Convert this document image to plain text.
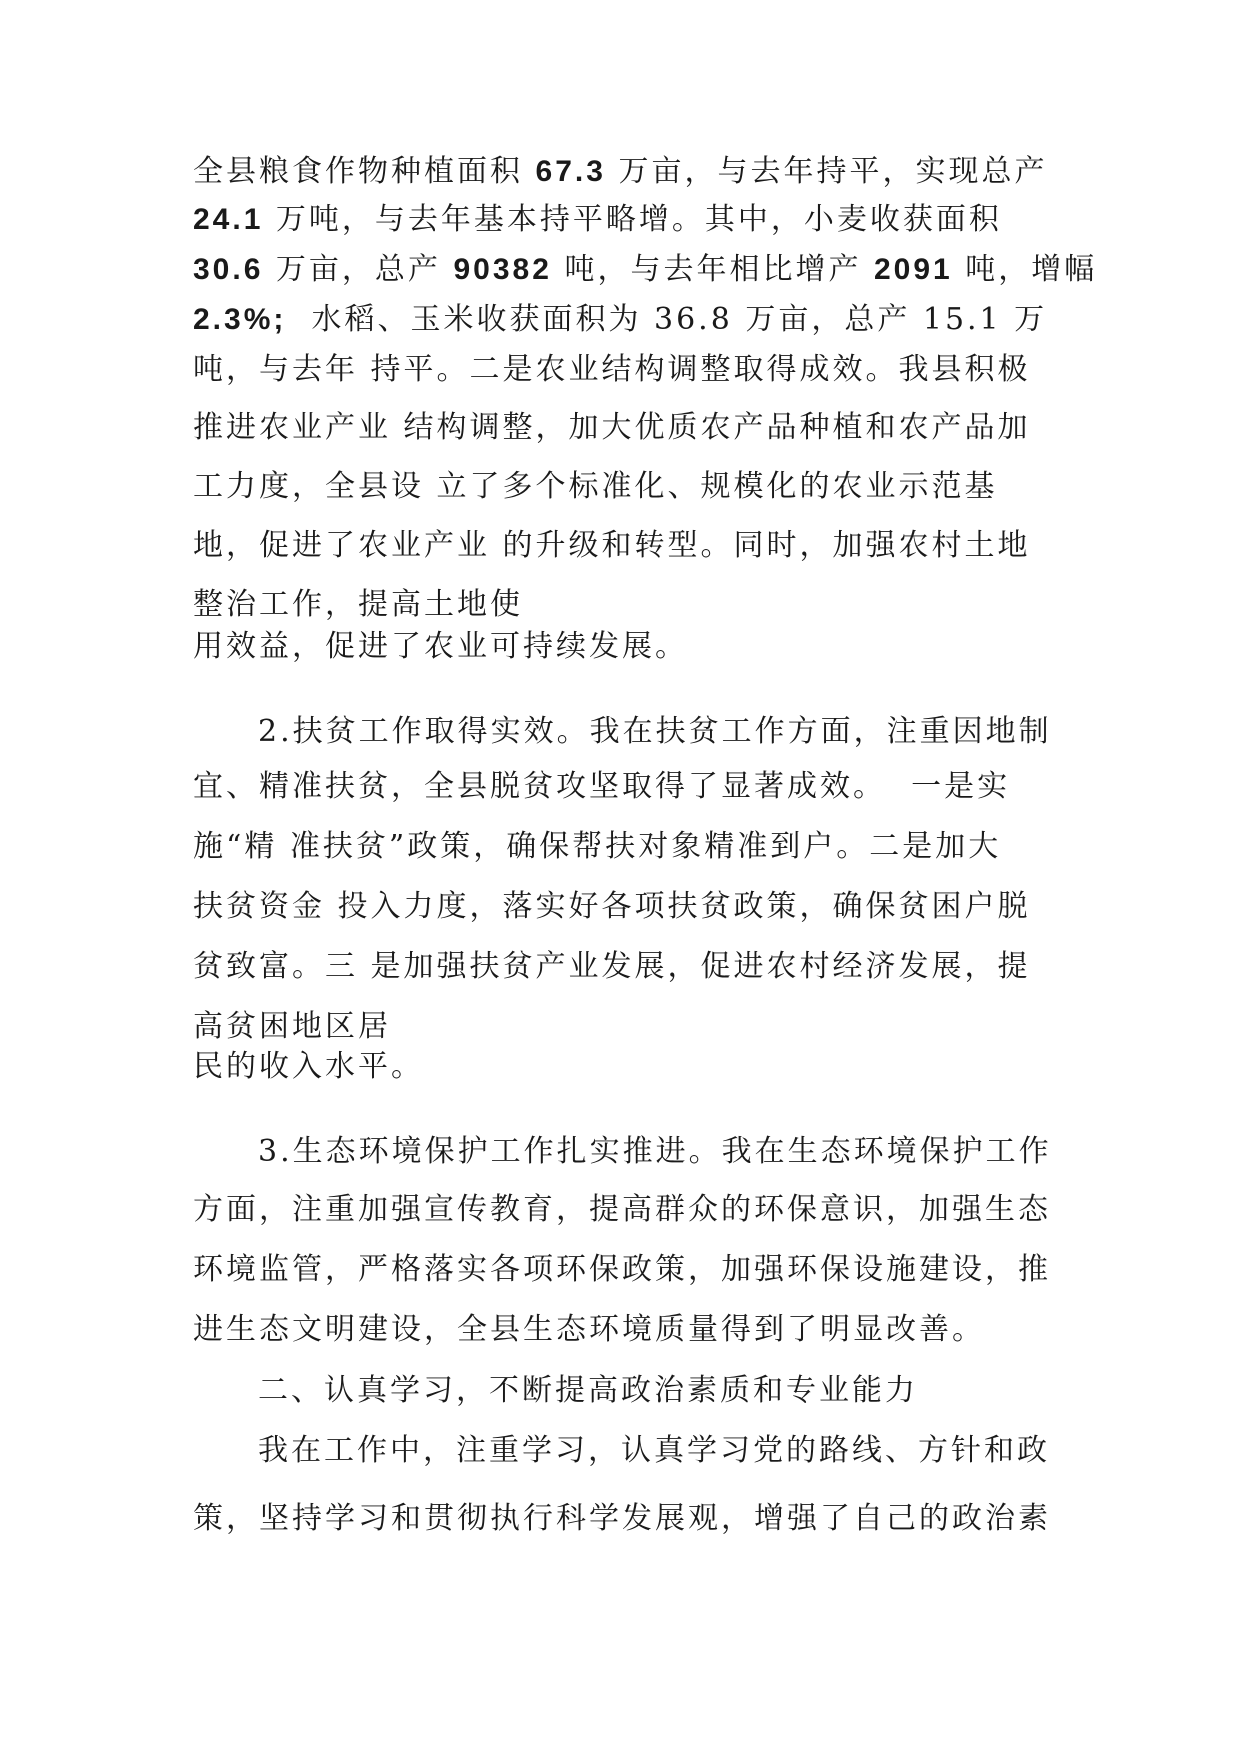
全县粮食作物种植面积 67.3 万亩，与去年持平，实现总产
24.1 万吨，与去年基本持平略增。其中，小麦收获面积
30.6 万亩，总产 90382 吨，与去年相比增产 2091 吨，增幅
2.3%;  水稻、玉米收获面积为 36.8 万亩，总产 15.1 万
吨，与去年 持平。二是农业结构调整取得成效。我县积极
推进农业产业 结构调整，加大优质农产品种植和农产品加
工力度，全县设 立了多个标准化、规模化的农业示范基
地，促进了农业产业 的升级和转型。同时，加强农村土地
整治工作，提高土地使
用效益，促进了农业可持续发展。
2.扶贫工作取得实效。我在扶贫工作方面，注重因地制
宜、精准扶贫，全县脱贫攻坚取得了显著成效。  一是实
施“精 准扶贫”政策，确保帮扶对象精准到户。二是加大
扶贫资金 投入力度，落实好各项扶贫政策，确保贫困户脱
贫致富。三 是加强扶贫产业发展，促进农村经济发展，提
高贫困地区居
民的收入水平。
3.生态环境保护工作扎实推进。我在生态环境保护工作
方面，注重加强宣传教育，提高群众的环保意识，加强生态
环境监管，严格落实各项环保政策，加强环保设施建设，推
进生态文明建设，全县生态环境质量得到了明显改善。
二、认真学习，不断提高政治素质和专业能力
我在工作中，注重学习，认真学习党的路线、方针和政
策，坚持学习和贯彻执行科学发展观，增强了自己的政治素
